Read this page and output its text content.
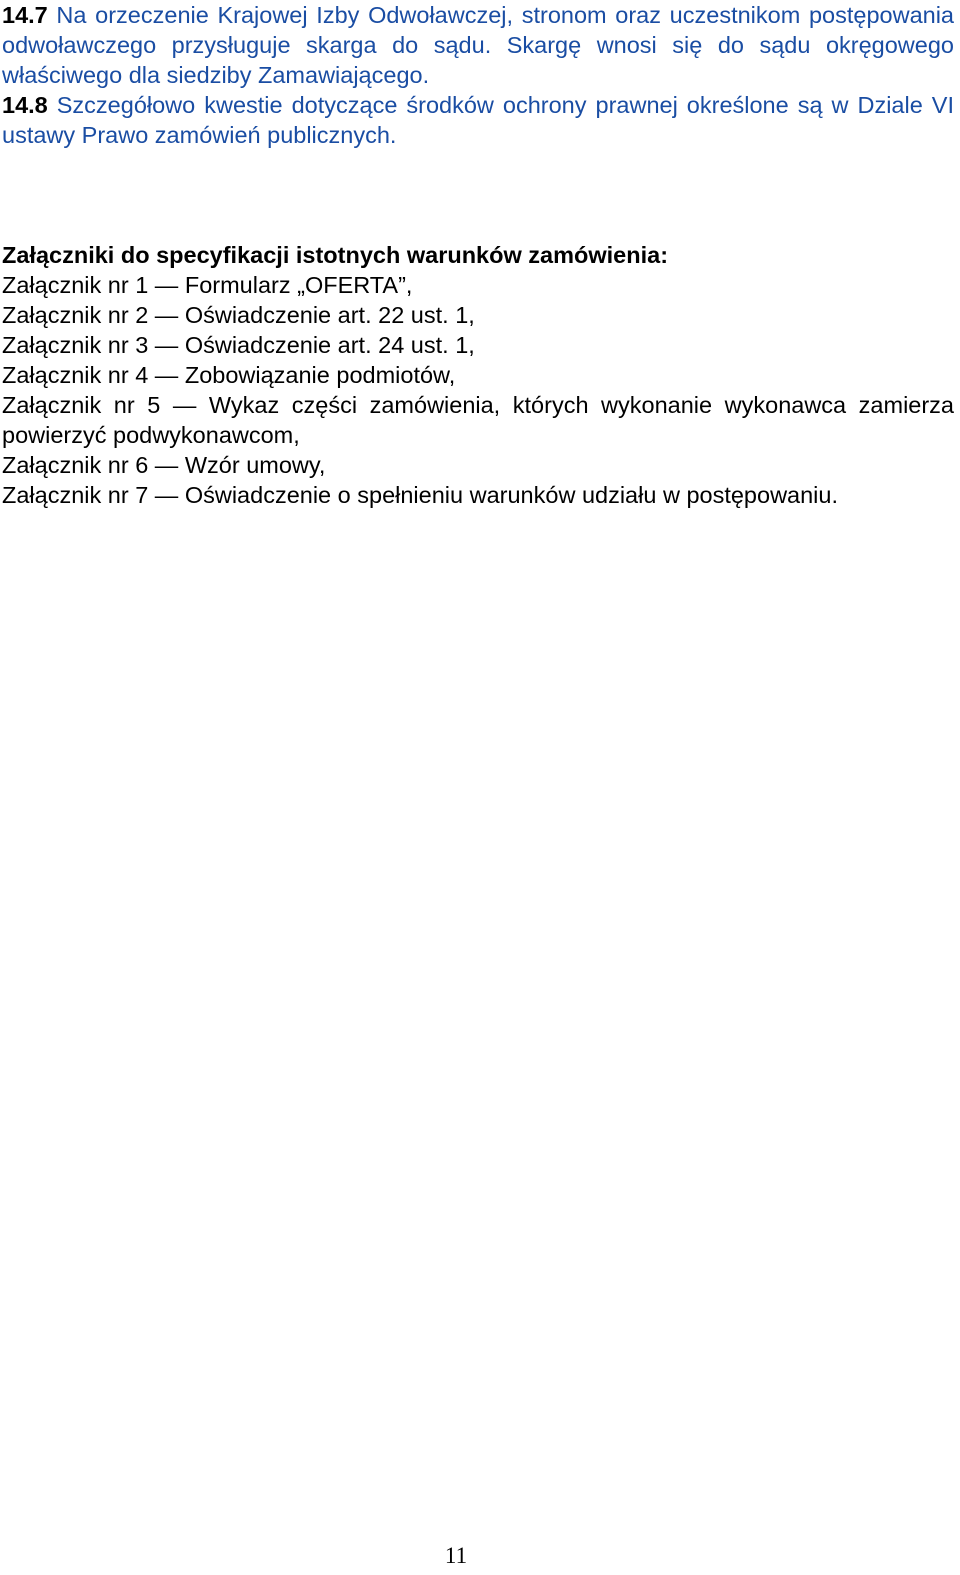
14.7 Na orzeczenie Krajowej Izby Odwoławczej, stronom oraz uczestnikom postępowania odwoławczego przysługuje skarga do sądu. Skargę wnosi się do sądu okręgowego właściwego dla siedziby Zamawiającego.

14.8 Szczegółowo kwestie dotyczące środków ochrony prawnej określone są w Dziale VI ustawy Prawo zamówień publicznych.

Załączniki do specyfikacji istotnych warunków zamówienia:

Załącznik nr 1 — Formularz „OFERTA”,
Załącznik nr 2 — Oświadczenie art. 22 ust. 1,
Załącznik nr 3 — Oświadczenie art. 24 ust. 1,
Załącznik nr 4 — Zobowiązanie podmiotów,
Załącznik nr 5 — Wykaz części zamówienia, których wykonanie wykonawca zamierza powierzyć podwykonawcom,
Załącznik nr 6 — Wzór umowy,
Załącznik nr 7 — Oświadczenie o spełnieniu warunków udziału w postępowaniu.
11
